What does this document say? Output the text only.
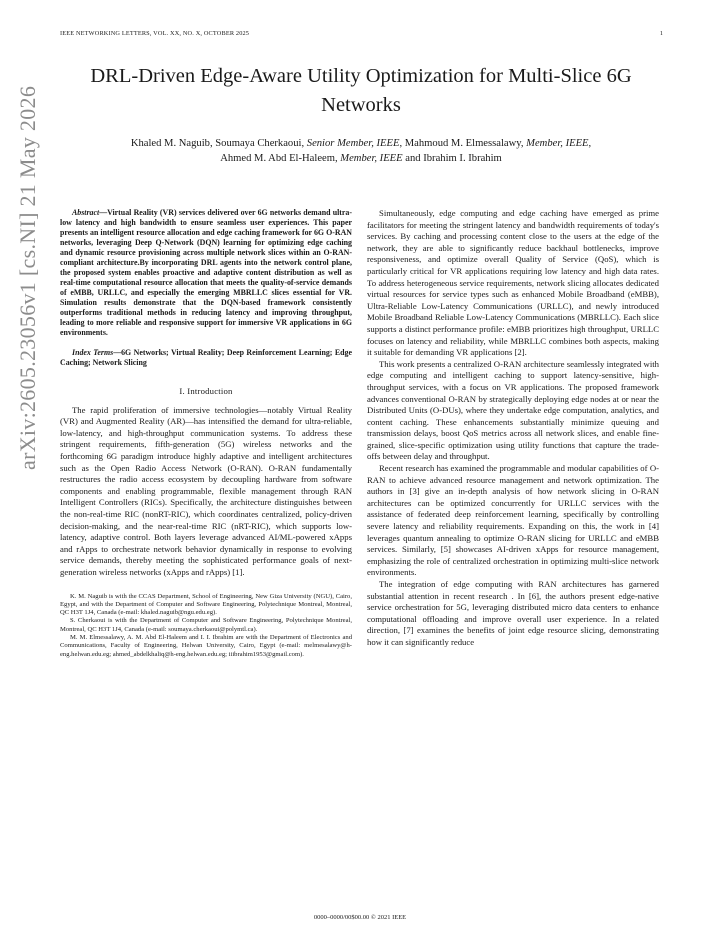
IEEE NETWORKING LETTERS, VOL. XX, NO. X, OCTOBER 2025	1
arXiv:2605.23056v1 [cs.NI] 21 May 2026
DRL-Driven Edge-Aware Utility Optimization for Multi-Slice 6G Networks
Khaled M. Naguib, Soumaya Cherkaoui, Senior Member, IEEE, Mahmoud M. Elmessalawy, Member, IEEE,
Ahmed M. Abd El-Haleem, Member, IEEE and Ibrahim I. Ibrahim

Abstract—Virtual Reality (VR) services delivered over 6G networks demand ultra-low latency and high bandwidth to ensure seamless user experiences. This paper presents an intelligent resource allocation and edge caching framework for 6G O-RAN networks, leveraging Deep Q-Network (DQN) learning for optimizing edge caching and dynamic resource provisioning across multiple network slices within an O-RAN-compliant architecture.By incorporating DRL agents into the network control plane, the proposed system enables proactive and adaptive content distribution as well as real-time computational resource allocation that meets the quality-of-service demands of eMBB, URLLC, and especially the emerging MBRLLC slices essential for VR. Simulation results demonstrate that the DQN-based framework consistently outperforms traditional methods in reducing latency and improving throughput, leading to more reliable and responsive support for immersive VR applications in 6G environments.

Index Terms—6G Networks; Virtual Reality; Deep Reinforcement Learning; Edge Caching; Network Slicing

I. Introduction

The rapid proliferation of immersive technologies—notably Virtual Reality (VR) and Augmented Reality (AR)—has intensified the demand for ultra-reliable, low-latency, and high-throughput communication systems. To address these stringent requirements, fifth-generation (5G) wireless networks and the forthcoming 6G paradigm introduce highly adaptive and intelligent architectures such as the Open Radio Access Network (O-RAN). O-RAN fundamentally restructures the radio access ecosystem by decoupling hardware from software components and enabling programmable, flexible management through RAN Intelligent Controllers (RICs). Specifically, the architecture distinguishes between the non-real-time RIC (nonRT-RIC), which coordinates centralized, policy-driven decision-making, and the near-real-time RIC (nRT-RIC), which supports low-latency, adaptive control. Both layers leverage advanced AI/ML-powered xApps and rApps to orchestrate network behavior dynamically in response to evolving service demands, thereby meeting the sophisticated performance goals of next-generation wireless networks (xApps and rApps) [1].

K. M. Naguib is with the CCAS Department, School of Engineering, New Giza University (NGU), Cairo, Egypt, and with the Department of Computer and Software Engineering, Polytechnique Montreal, Montreal, QC H3T 1J4, Canada (e-mail: khaled.naguib@ngu.edu.eg).

S. Cherkaoui is with the Department of Computer and Software Engineering, Polytechnique Montreal, Montreal, QC H3T 1J4, Canada (e-mail: soumaya.cherkaoui@polymtl.ca).

M. M. Elmessalawy, A. M. Abd El-Haleem and I. I. Ibrahim are with the Department of Electronics and Communications, Faculty of Engineering, Helwan University, Cairo, Egypt (e-mail: melmesalawy@h-eng.helwan.edu.eg; ahmed_abdelkhaliq@h-eng.helwan.edu.eg; iiibrahim1953@gmail.com).

Simultaneously, edge computing and edge caching have emerged as prime facilitators for meeting the stringent latency and bandwidth requirements of today's services. By caching and processing content close to the users at the edge of the network, they are able to significantly reduce backhaul bottlenecks, improve responsiveness, and optimize overall Quality of Service (QoS), which is particularly critical for VR applications requiring low latency and high data rates. To address heterogeneous service requirements, network slicing allocates dedicated virtual resources for service types such as enhanced Mobile Broadband (eMBB), Ultra-Reliable Low-Latency Communications (URLLC), and newly introduced Mobile Broadband Reliable Low-Latency Communications (MBRLLC). Each slice supports a distinct performance profile: eMBB prioritizes high throughput, URLLC focuses on latency and reliability, while MBRLLC combines both aspects, making it suitable for demanding VR applications [2].

This work presents a centralized O-RAN architecture seamlessly integrated with edge computing and intelligent caching to support latency-sensitive, high-throughput services, with a focus on VR applications. The proposed framework advances conventional O-RAN by strategically deploying edge nodes at or near the Distributed Units (O-DUs), where they undertake edge computation, analytics, and content caching. These enhancements substantially minimize queuing and transmission delays, boost QoS metrics across all network slices, and enable fine-grained, slice-specific optimization using utility functions that capture the trade-offs between delay and throughput.

Recent research has examined the programmable and modular capabilities of O-RAN to achieve advanced resource management and network optimization. The authors in [3] give an in-depth analysis of how network slicing in O-RAN architectures can be optimized concurrently for URLLC services with the assistance of federated deep reinforcement learning, specifically by controlling severe latency and reliability requirements. Expanding on this, the work in [4] leverages quantum annealing to optimize O-RAN slicing for URLLC and eMBB services. Similarly, [5] showcases AI-driven xApps for resource management, emphasizing the role of centralized orchestration in optimizing multi-slice network environments.

The integration of edge computing with RAN architectures has garnered substantial attention in recent research . In [6], the authors present edge-native service orchestration for 5G, leveraging distributed micro data centers to enhance computational offloading and improve overall user experience. In a related direction, [7] examines the benefits of joint edge resource slicing, demonstrating how it can significantly reduce

0000–0000/00$00.00 © 2021 IEEE
